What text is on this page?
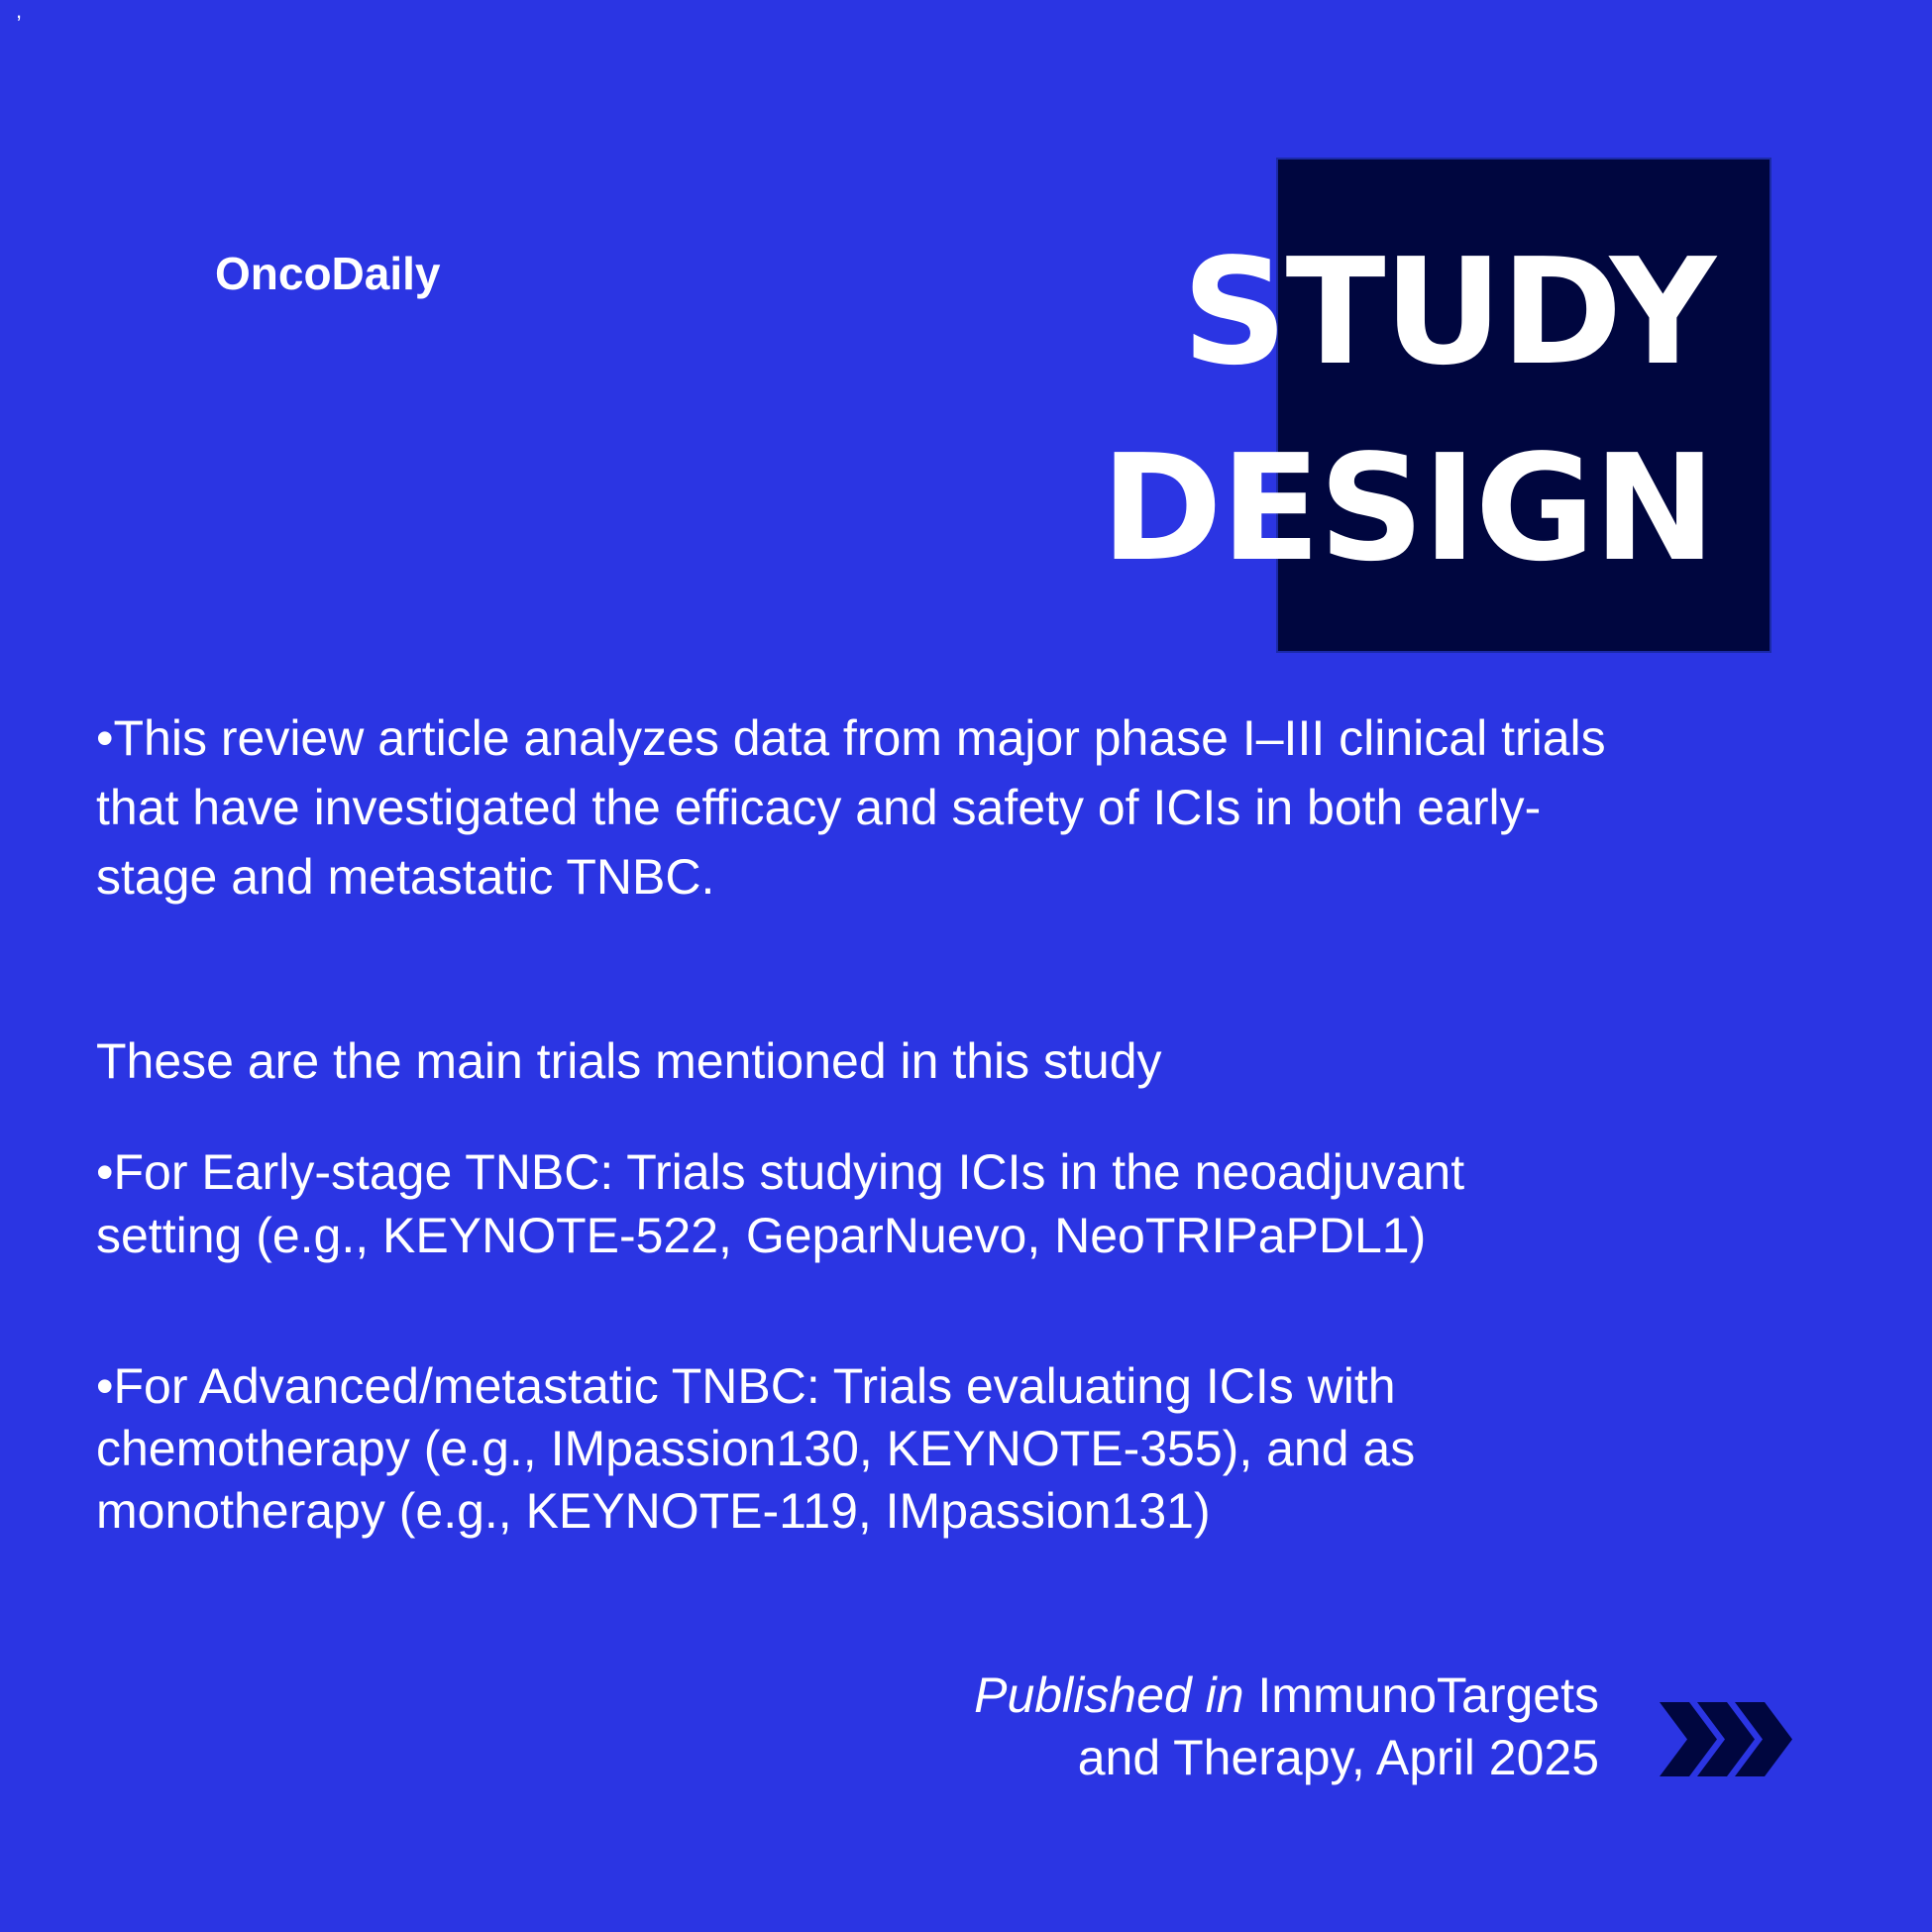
,
OncoDaily	STUDY
DESIGN
•This review article analyzes data from major phase I–III clinical trials
that have investigated the efficacy and safety of ICIs in both early-
stage and metastatic TNBC.
These are the main trials mentioned in this study
•For Early-stage TNBC: Trials studying ICIs in the neoadjuvant
setting (e.g., KEYNOTE-522, GeparNuevo, NeoTRIPaPDL1)
•For Advanced/metastatic TNBC: Trials evaluating ICIs with
chemotherapy (e.g., IMpassion130, KEYNOTE-355), and as
monotherapy (e.g., KEYNOTE-119, IMpassion131)
Published in ImmunoTargets
and Therapy, April 2025
